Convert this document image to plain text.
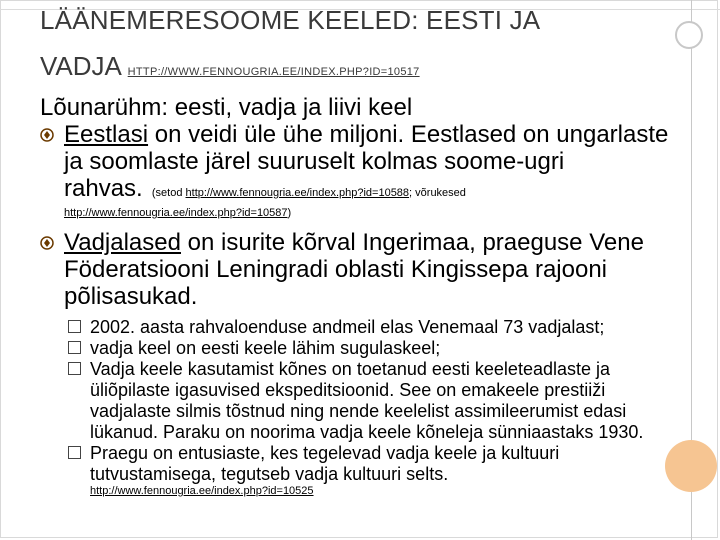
LÄÄNEMERESOOME KEELED: EESTI JA
VADJA HTTP://WWW.FENNOUGRIA.EE/INDEX.PHP?ID=10517
Lõunarühm: eesti, vadja ja liivi keel
Eestlasi on veidi üle ühe miljoni. Eestlased on ungarlaste ja soomlaste järel suuruselt kolmas soome-ugri rahvas. (setod http://www.fennougria.ee/index.php?id=10588; võrukesed
http://www.fennougria.ee/index.php?id=10587)
Vadjalased on isurite kõrval Ingerimaa, praeguse Vene Föderatsiooni Leningradi oblasti Kingissepa rajooni põlisasukad.
2002. aasta rahvaloenduse andmeil elas Venemaal 73 vadjalast;
vadja keel on eesti keele lähim sugulaskeel;
Vadja keele kasutamist kõnes on toetanud eesti keeleteadlaste ja üliõpilaste igasuvised ekspeditsioonid. See on emakeele prestiiži vadjalaste silmis tõstnud ning nende keelelist assimileerumist edasi lükanud. Paraku on noorima vadja keele kõneleja sünniaastaks 1930.
Praegu on entusiaste, kes tegelevad vadja keele ja kultuuri tutvustamisega, tegutseb vadja kultuuri selts.
http://www.fennougria.ee/index.php?id=10525
